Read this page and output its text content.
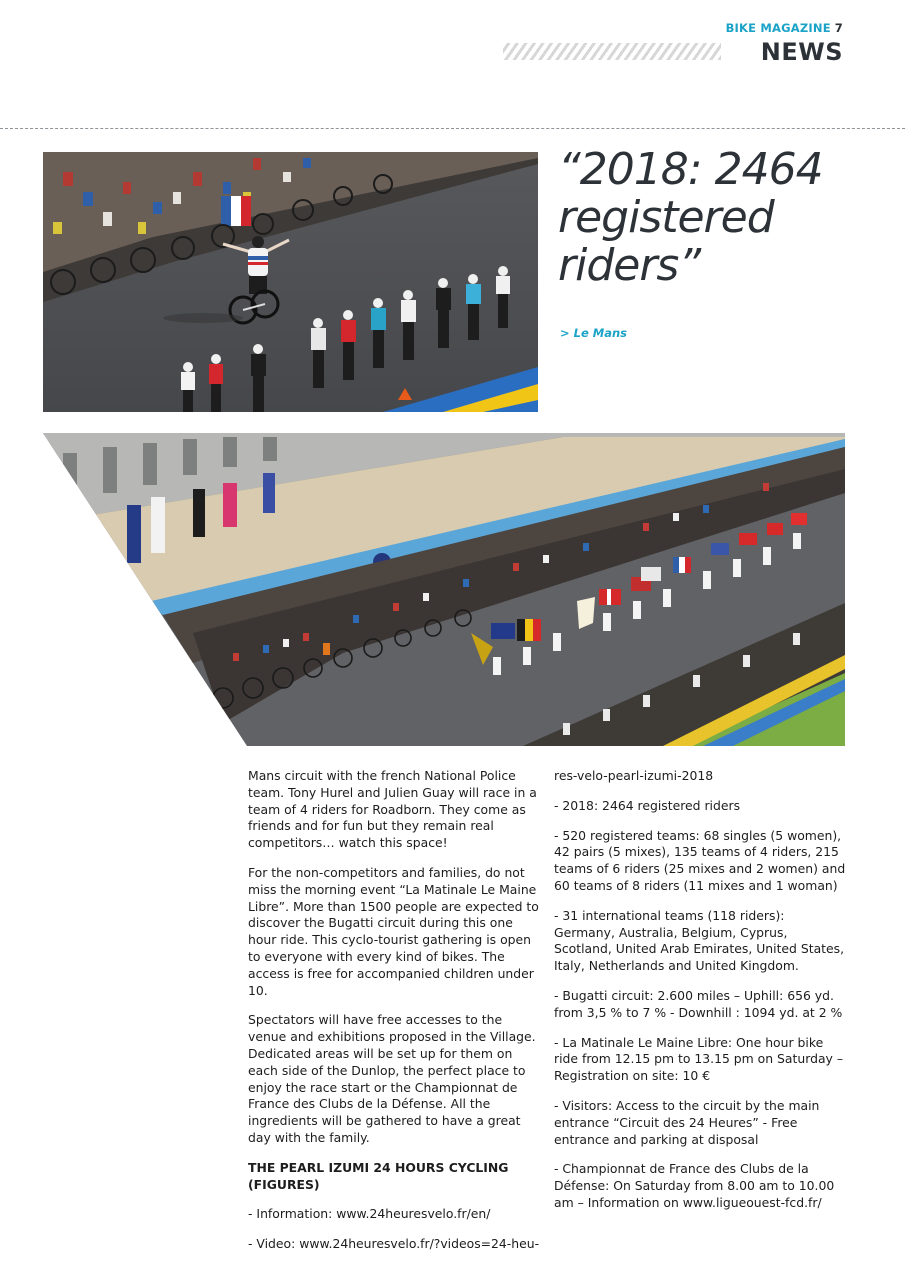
BIKE MAGAZINE 7
NEWS
“2018: 2464 registered riders”
> Le Mans

Mans circuit with the french National Police team. Tony Hurel and Julien Guay will race in a team of 4 riders for Roadborn. They come as friends and for fun but they remain real competitors… watch this space!

For the non-competitors and families, do not miss the morning event “La Matinale Le Maine Libre”. More than 1500 people are expected to discover the Bugatti circuit during this one hour ride. This cyclo-tourist gathering is open to everyone with every kind of bikes. The access is free for accompanied children under 10.

Spectators will have free accesses to the venue and exhibitions proposed in the Village. Dedicated areas will be set up for them on each side of the Dunlop, the perfect place to enjoy the race start or the Championnat de France des Clubs de la Défense. All the ingredients will be gathered to have a great day with the family.

THE PEARL IZUMI 24 HOURS CYCLING (FIGURES)

- Information: www.24heuresvelo.fr/en/

- Video: www.24heuresvelo.fr/?videos=24-heu-

res-velo-pearl-izumi-2018

- 2018: 2464 registered riders

- 520 registered teams: 68 singles (5 women), 42 pairs (5 mixes), 135 teams of 4 riders, 215 teams of 6 riders (25 mixes and 2 women) and 60 teams of 8 riders (11 mixes and 1 woman)

- 31 international teams (118 riders): Germany, Australia, Belgium, Cyprus, Scotland, United Arab Emirates, United States, Italy, Netherlands and United Kingdom.

- Bugatti circuit: 2.600 miles – Uphill: 656 yd. from 3,5 % to 7 % - Downhill : 1094 yd. at 2 %

- La Matinale Le Maine Libre: One hour bike ride from 12.15 pm to 13.15 pm on Saturday – Registration on site: 10 €

- Visitors: Access to the circuit by the main entrance “Circuit des 24 Heures” - Free entrance and parking at disposal

- Championnat de France des Clubs de la Défense: On Saturday from 8.00 am to 10.00 am – Information on www.ligueouest-fcd.fr/
